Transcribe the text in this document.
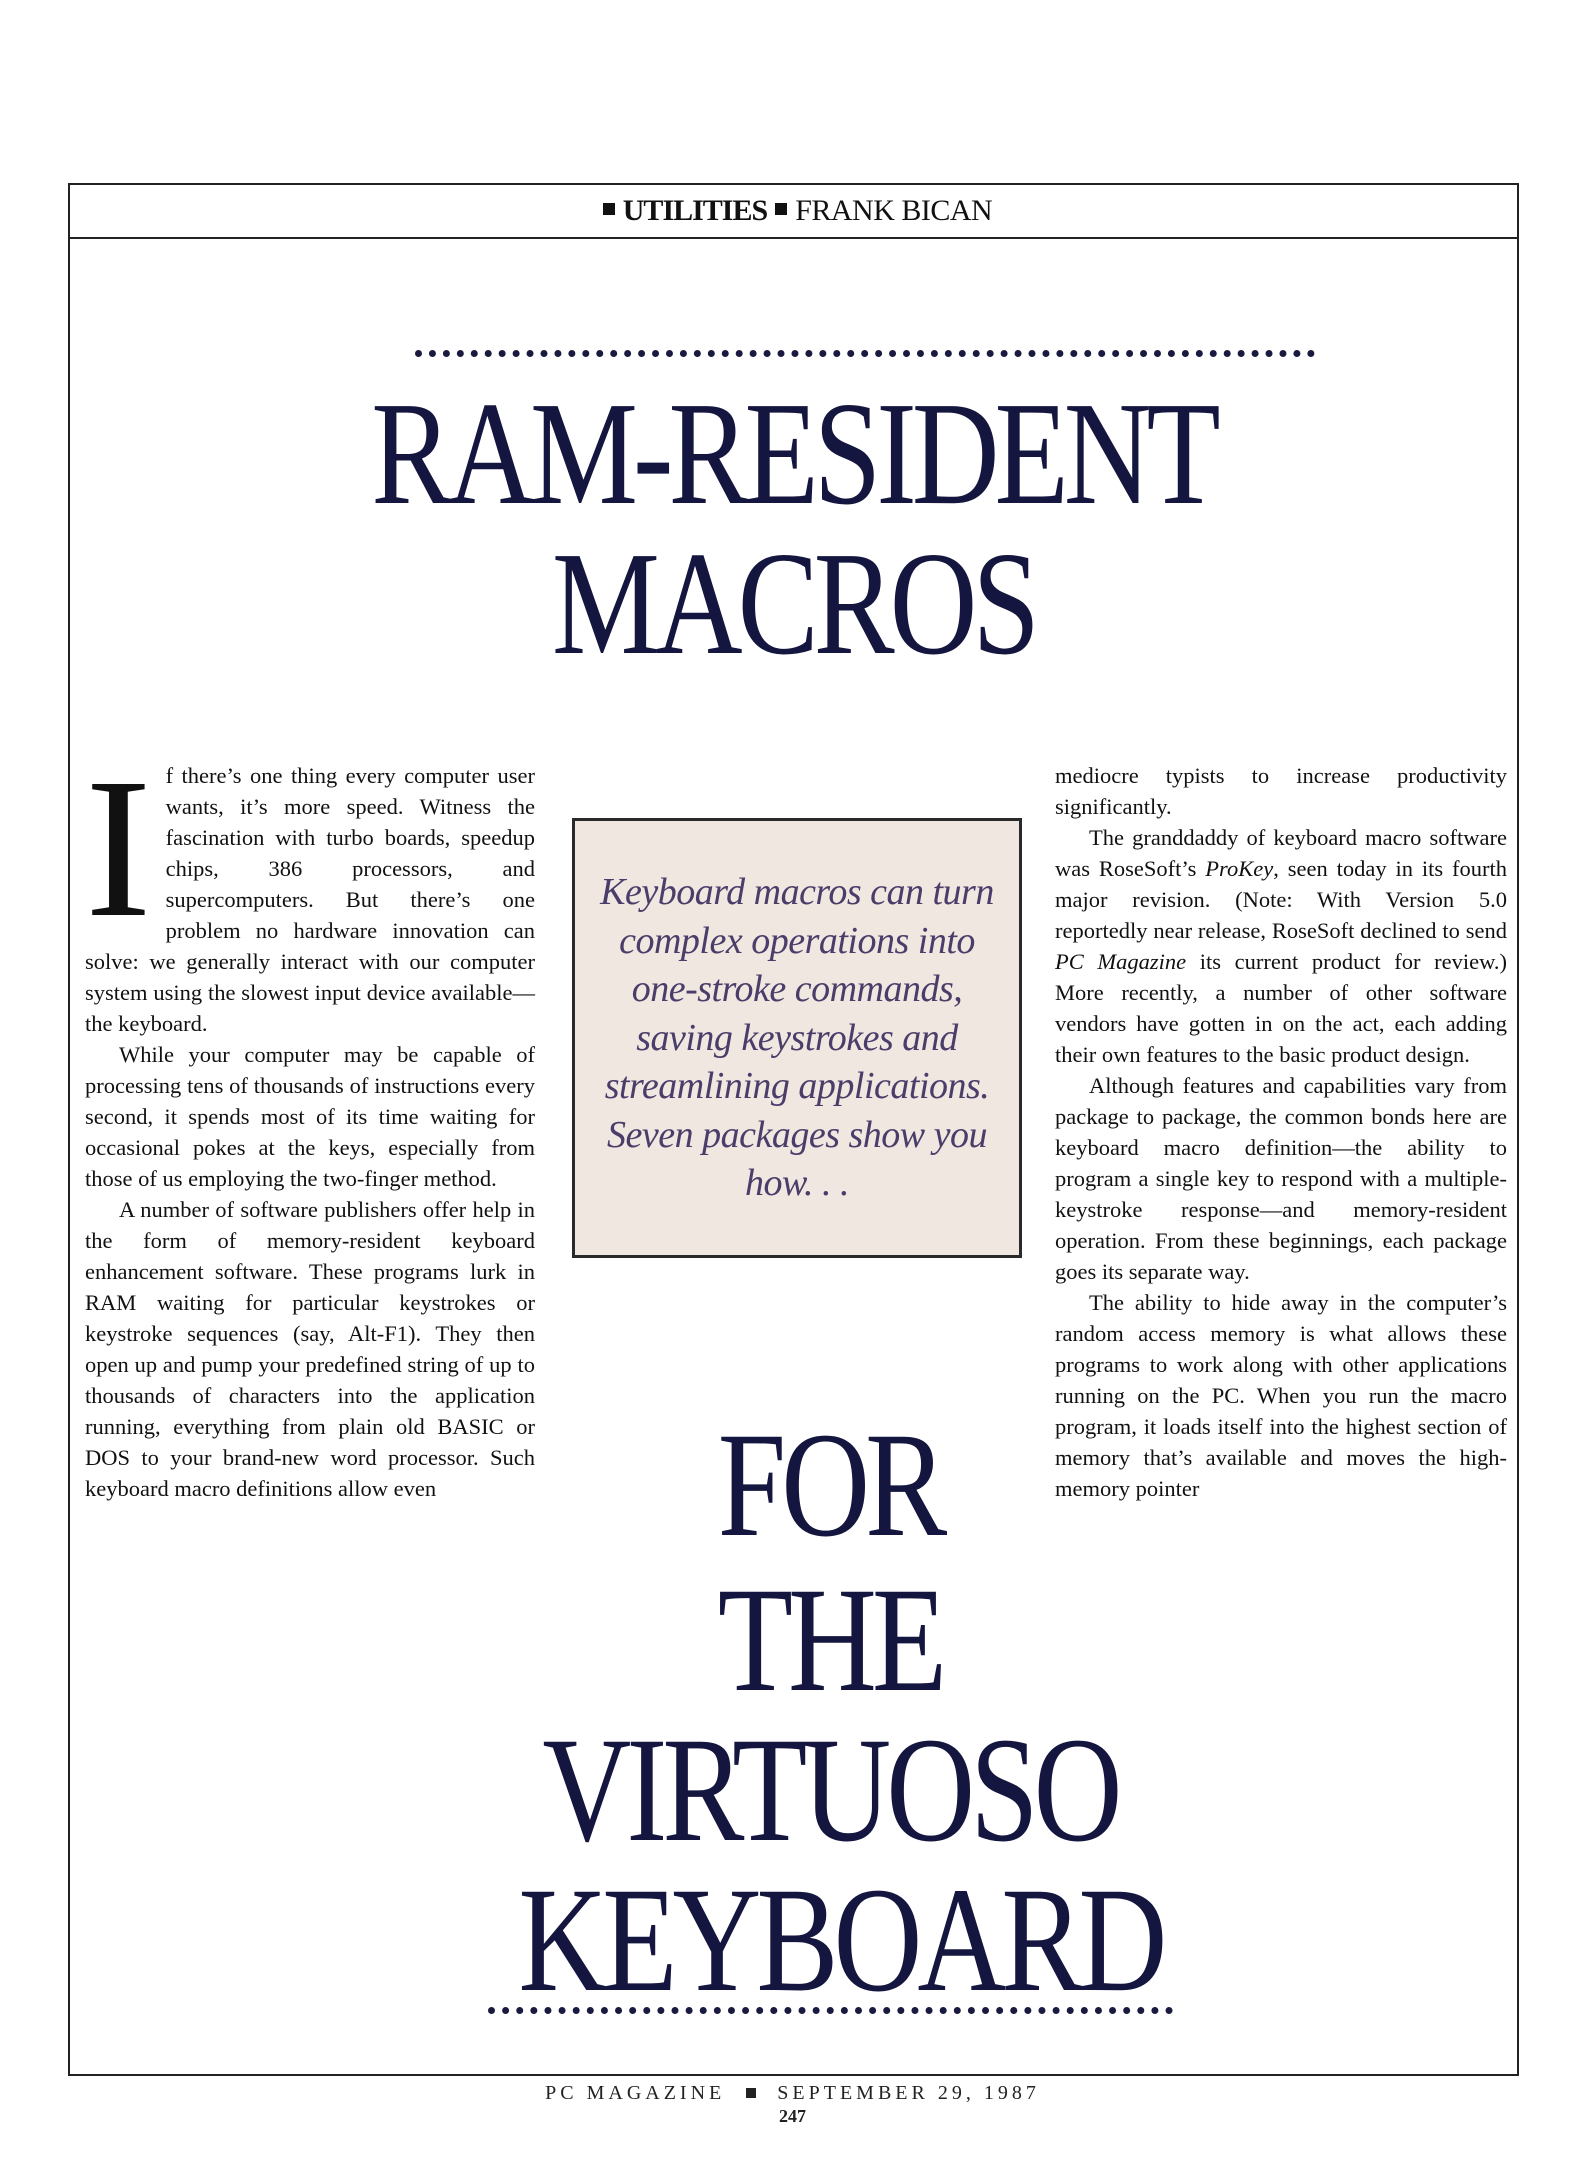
UTILITIES FRANK BICAN
RAM-RESIDENT
MACROS
I f there’s one thing every computer user wants, it’s more speed. Witness the fascination with turbo boards, speedup chips, 386 processors, and supercomputers. But there’s one problem no hardware innovation can solve: we generally interact with our computer system using the slowest input device available—the keyboard.

While your computer may be capable of processing tens of thousands of instructions every second, it spends most of its time waiting for occasional pokes at the keys, especially from those of us employing the two-finger method.

A number of software publishers offer help in the form of memory-resident keyboard enhancement software. These programs lurk in RAM waiting for particular keystrokes or keystroke sequences (say, Alt-F1). They then open up and pump your predefined string of up to thousands of characters into the application running, everything from plain old BASIC or DOS to your brand-new word processor. Such keyboard macro definitions allow even

Keyboard macros can turn complex operations into one-stroke commands, saving keystrokes and streamlining applications. Seven packages show you how. . .

mediocre typists to increase productivity significantly.

The granddaddy of keyboard macro software was RoseSoft’s ProKey, seen today in its fourth major revision. (Note: With Version 5.0 reportedly near release, RoseSoft declined to send PC Magazine its current product for review.) More recently, a number of other software vendors have gotten in on the act, each adding their own features to the basic product design.

Although features and capabilities vary from package to package, the common bonds here are keyboard macro definition—the ability to program a single key to respond with a multiple-keystroke response—and memory-resident operation. From these beginnings, each package goes its separate way.

The ability to hide away in the computer’s random access memory is what allows these programs to work along with other applications running on the PC. When you run the macro program, it loads itself into the highest section of memory that’s available and moves the high-memory pointer

FOR
THE
VIRTUOSO
KEYBOARD
PC MAGAZINE	SEPTEMBER 29, 1987
247
